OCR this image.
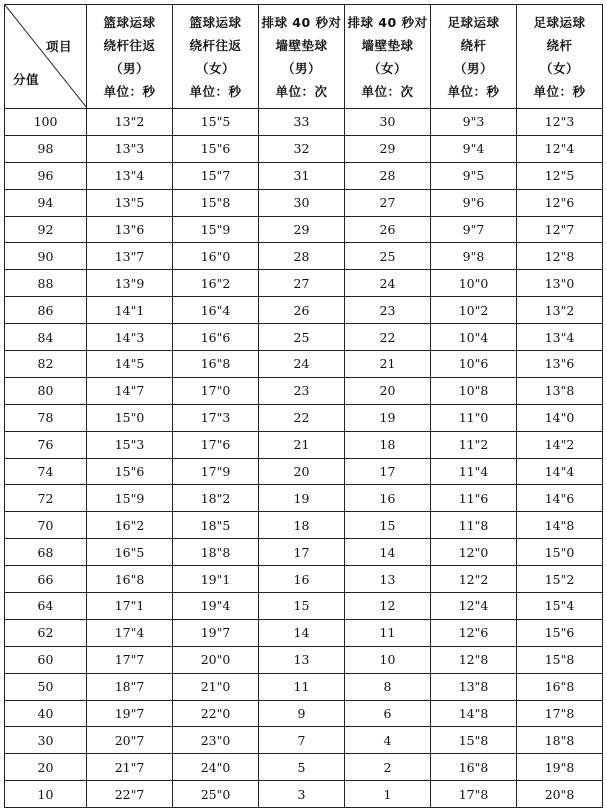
项目
分值	篮球运球
绕杆往返
（男）
单位：秒	篮球运球
绕杆往返
（女）
单位：秒	排球 40 秒对
墙壁垫球
（男）
单位：次	排球 40 秒对
墙壁垫球
（女）
单位：次	足球运球
绕杆
（男）
单位：秒	足球运球
绕杆
（女）
单位：秒

100	13"2	15"5	33	30	9"3	12"3
98	13"3	15"6	32	29	9"4	12"4
96	13"4	15"7	31	28	9"5	12"5
94	13"5	15"8	30	27	9"6	12"6
92	13"6	15"9	29	26	9"7	12"7
90	13"7	16"0	28	25	9"8	12"8
88	13"9	16"2	27	24	10"0	13"0
86	14"1	16"4	26	23	10"2	13"2
84	14"3	16"6	25	22	10"4	13"4
82	14"5	16"8	24	21	10"6	13"6
80	14"7	17"0	23	20	10"8	13"8
78	15"0	17"3	22	19	11"0	14"0
76	15"3	17"6	21	18	11"2	14"2
74	15"6	17"9	20	17	11"4	14"4
72	15"9	18"2	19	16	11"6	14"6
70	16"2	18"5	18	15	11"8	14"8
68	16"5	18"8	17	14	12"0	15"0
66	16"8	19"1	16	13	12"2	15"2
64	17"1	19"4	15	12	12"4	15"4
62	17"4	19"7	14	11	12"6	15"6
60	17"7	20"0	13	10	12"8	15"8
50	18"7	21"0	11	8	13"8	16"8
40	19"7	22"0	9	6	14"8	17"8
30	20"7	23"0	7	4	15"8	18"8
20	21"7	24"0	5	2	16"8	19"8
10	22"7	25"0	3	1	17"8	20"8
